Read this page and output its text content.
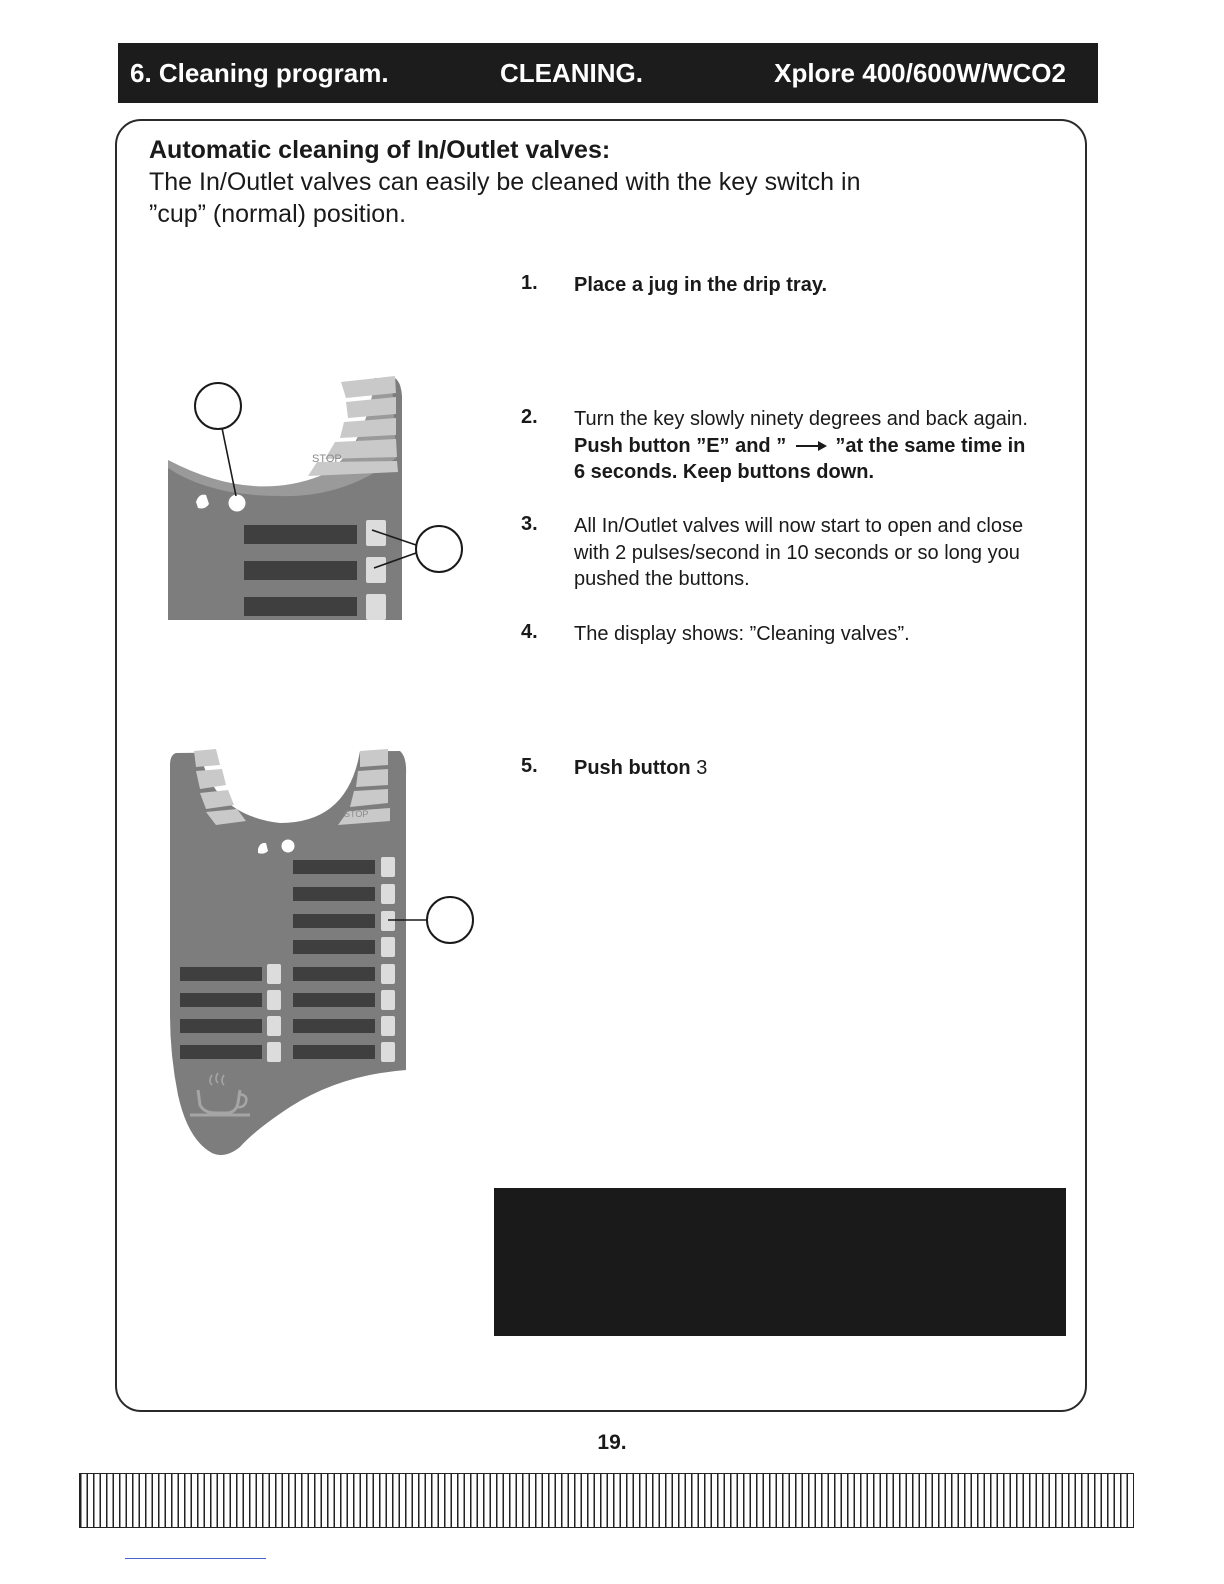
6. Cleaning program.	CLEANING.	Xplore 400/600W/WCO2
Automatic cleaning of In/Outlet valves:
The In/Outlet valves can easily be cleaned with the key switch in
”cup” (normal) position.
1. Place a jug in the drip tray.
2. Turn the key slowly ninety degrees and back again.
Push button ”E” and ” ”at the same time in
6 seconds. Keep buttons down.
3. All In/Outlet valves will now start to open and close
with 2 pulses/second in 10 seconds or so long you
pushed the buttons.
4. The display shows: ”Cleaning valves”.
5. Push button 3
STOP
STOP
19.
